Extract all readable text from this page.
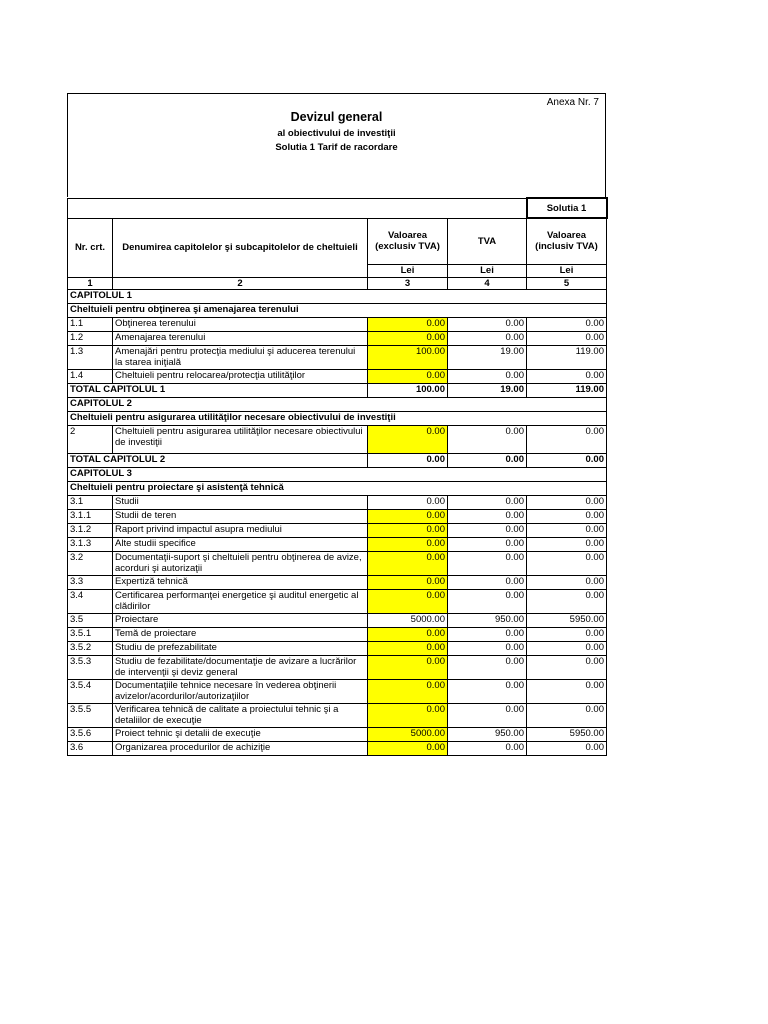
Anexa Nr. 7
Devizul general
al obiectivului de investiţii
Solutia 1 Tarif de racordare
				Solutia 1
Nr. crt.	Denumirea capitolelor şi subcapitolelor de cheltuieli	Valoarea (exclusiv TVA)	TVA	Valoarea (inclusiv TVA)
		Lei	Lei	Lei
1	2	3	4	5
CAPITOLUL 1				
Cheltuieli pentru obţinerea şi amenajarea terenului				
1.1	Obţinerea terenului	0.00	0.00	0.00
1.2	Amenajarea terenului	0.00	0.00	0.00
1.3	Amenajări pentru protecţia mediului şi aducerea terenului la starea iniţială	100.00	19.00	119.00
1.4	Cheltuieli pentru relocarea/protecţia utilităţilor	0.00	0.00	0.00
TOTAL CAPITOLUL 1		100.00	19.00	119.00
CAPITOLUL 2				
Cheltuieli pentru asigurarea utilităţilor necesare obiectivului de investiţii				
2	Cheltuieli pentru asigurarea utilităţilor necesare obiectivului de investiţii	0.00	0.00	0.00
TOTAL CAPITOLUL 2		0.00	0.00	0.00
CAPITOLUL 3				
Cheltuieli pentru proiectare şi asistenţă tehnică				
3.1	Studii	0.00	0.00	0.00
3.1.1	Studii de teren	0.00	0.00	0.00
3.1.2	Raport privind impactul asupra mediului	0.00	0.00	0.00
3.1.3	Alte studii specifice	0.00	0.00	0.00
3.2	Documentaţii-suport şi cheltuieli pentru obţinerea de avize, acorduri şi autorizaţii	0.00	0.00	0.00
3.3	Expertiză tehnică	0.00	0.00	0.00
3.4	Certificarea performanţei energetice şi auditul energetic al clădirilor	0.00	0.00	0.00
3.5	Proiectare	5000.00	950.00	5950.00
3.5.1	Temă de proiectare	0.00	0.00	0.00
3.5.2	Studiu de prefezabilitate	0.00	0.00	0.00
3.5.3	Studiu de fezabilitate/documentaţie de avizare a lucrărilor de intervenţii şi deviz general	0.00	0.00	0.00
3.5.4	Documentaţiile tehnice necesare în vederea obţinerii avizelor/acordurilor/autorizaţiilor	0.00	0.00	0.00
3.5.5	Verificarea tehnică de calitate a proiectului tehnic şi a detaliilor de execuţie	0.00	0.00	0.00
3.5.6	Proiect tehnic şi detalii de execuţie	5000.00	950.00	5950.00
3.6	Organizarea procedurilor de achiziţie	0.00	0.00	0.00
